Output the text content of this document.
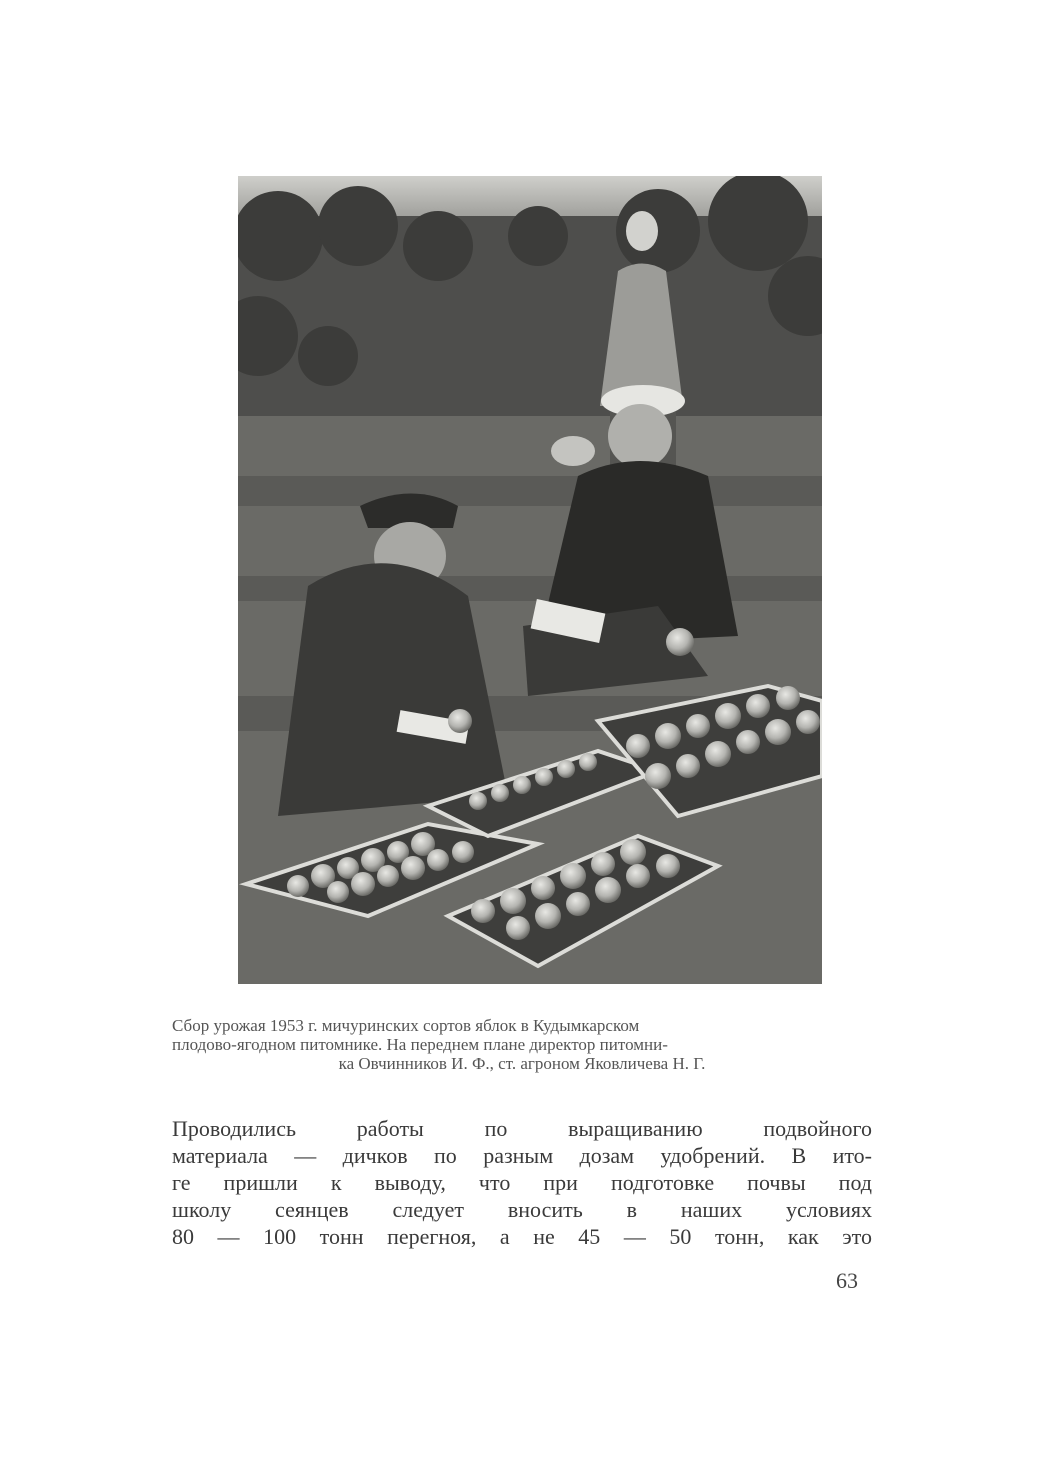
Сбор урожая 1953 г. мичуринских сортов яблок в Кудымкарском
плодово-ягодном питомнике. На переднем плане директор питомни-
ка Овчинников И. Ф., ст. агроном Яковличева Н. Г.
Проводились работы по выращиванию подвойного
материала — дичков по разным дозам удобрений. В ито-
ге пришли к выводу, что при подготовке почвы под
школу сеянцев следует вносить в наших условиях
80 — 100 тонн перегноя, а не 45 — 50 тонн, как это
63
